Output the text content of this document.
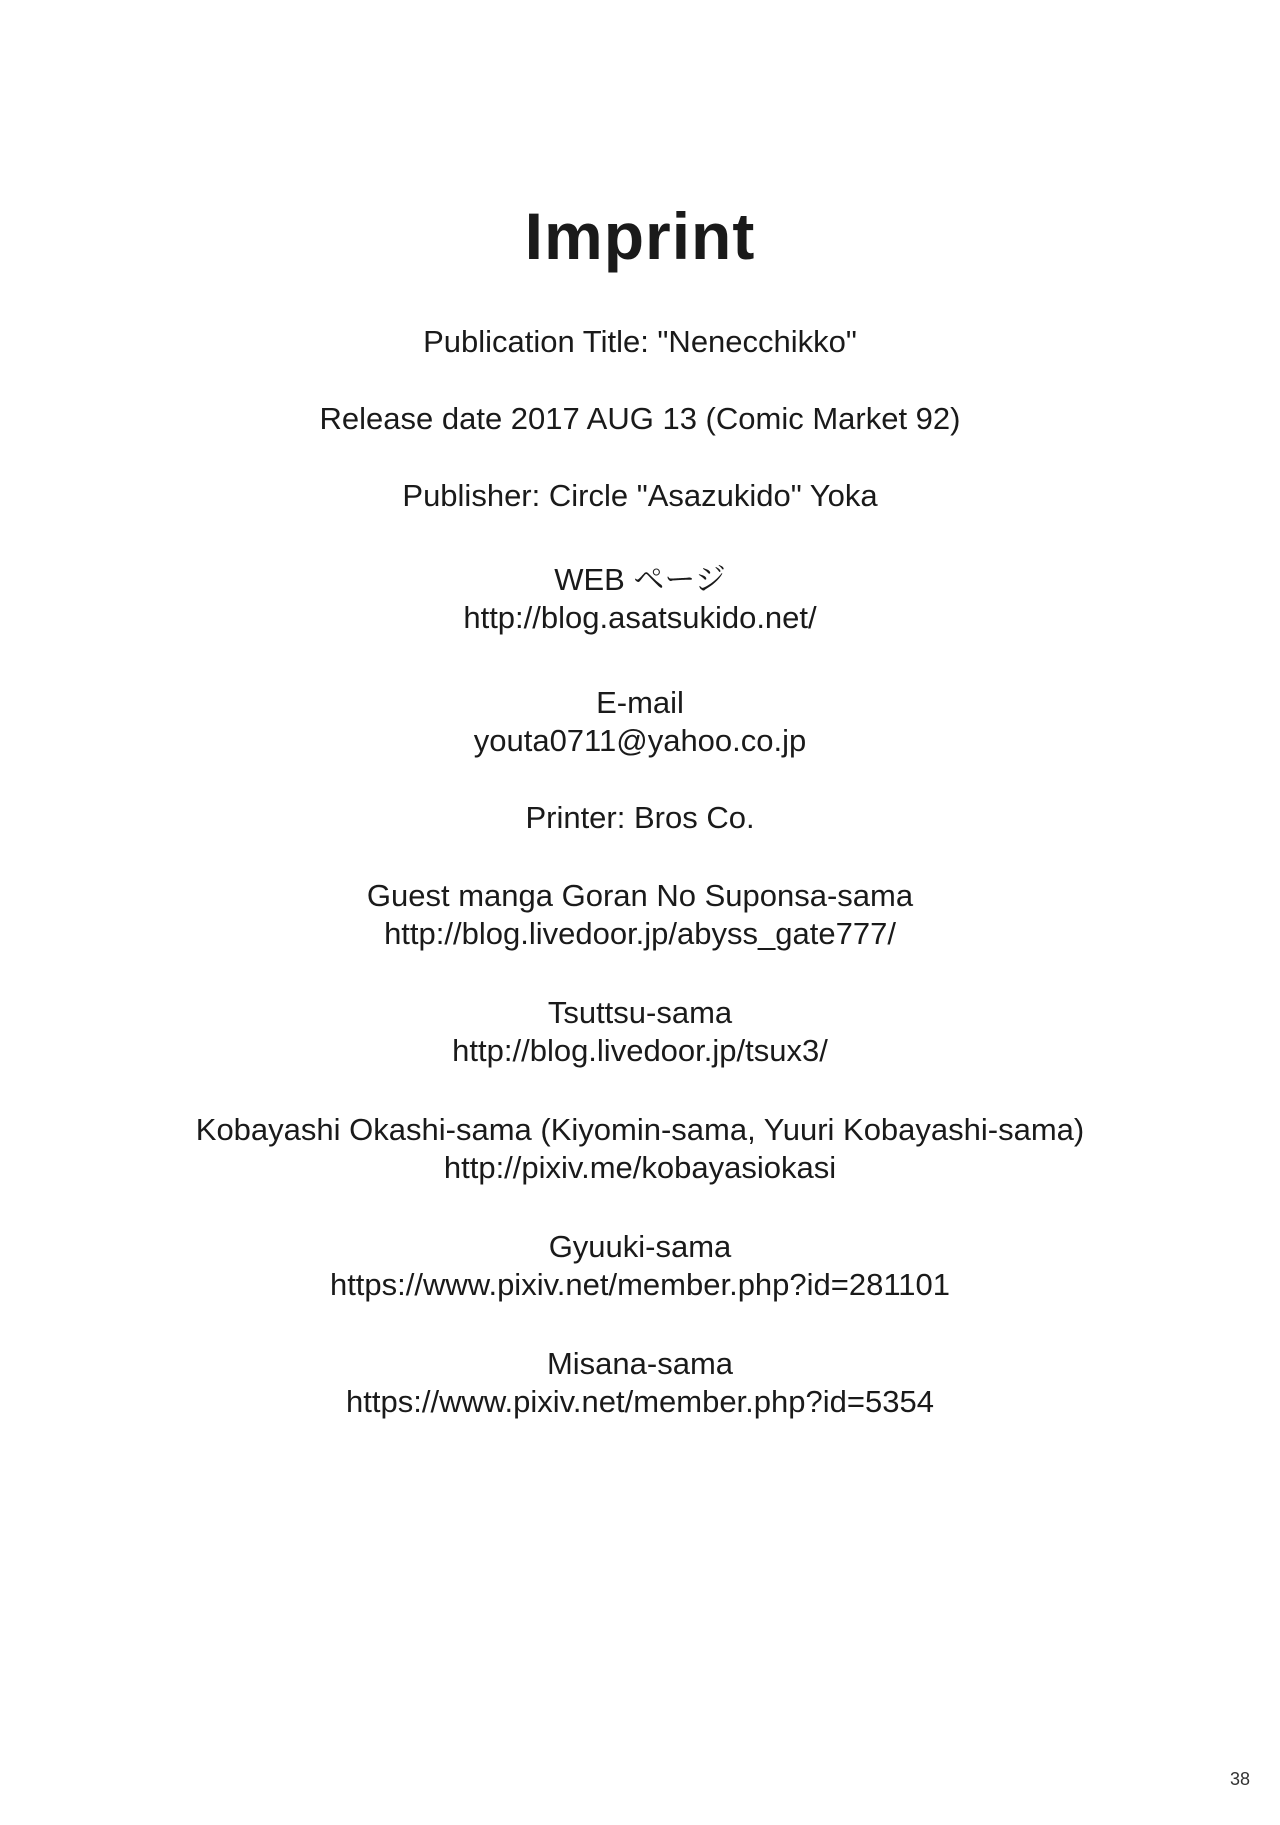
Imprint
Publication Title: "Nenecchikko"
Release date 2017 AUG 13 (Comic Market 92)
Publisher: Circle "Asazukido" Yoka
WEB ページ
http://blog.asatsukido.net/
E-mail
youta0711@yahoo.co.jp
Printer: Bros Co.
Guest manga Goran No Suponsa-sama
http://blog.livedoor.jp/abyss_gate777/
Tsuttsu-sama
http://blog.livedoor.jp/tsux3/
Kobayashi Okashi-sama (Kiyomin-sama, Yuuri Kobayashi-sama)
http://pixiv.me/kobayasiokasi
Gyuuki-sama
https://www.pixiv.net/member.php?id=281101
Misana-sama
https://www.pixiv.net/member.php?id=5354
38
